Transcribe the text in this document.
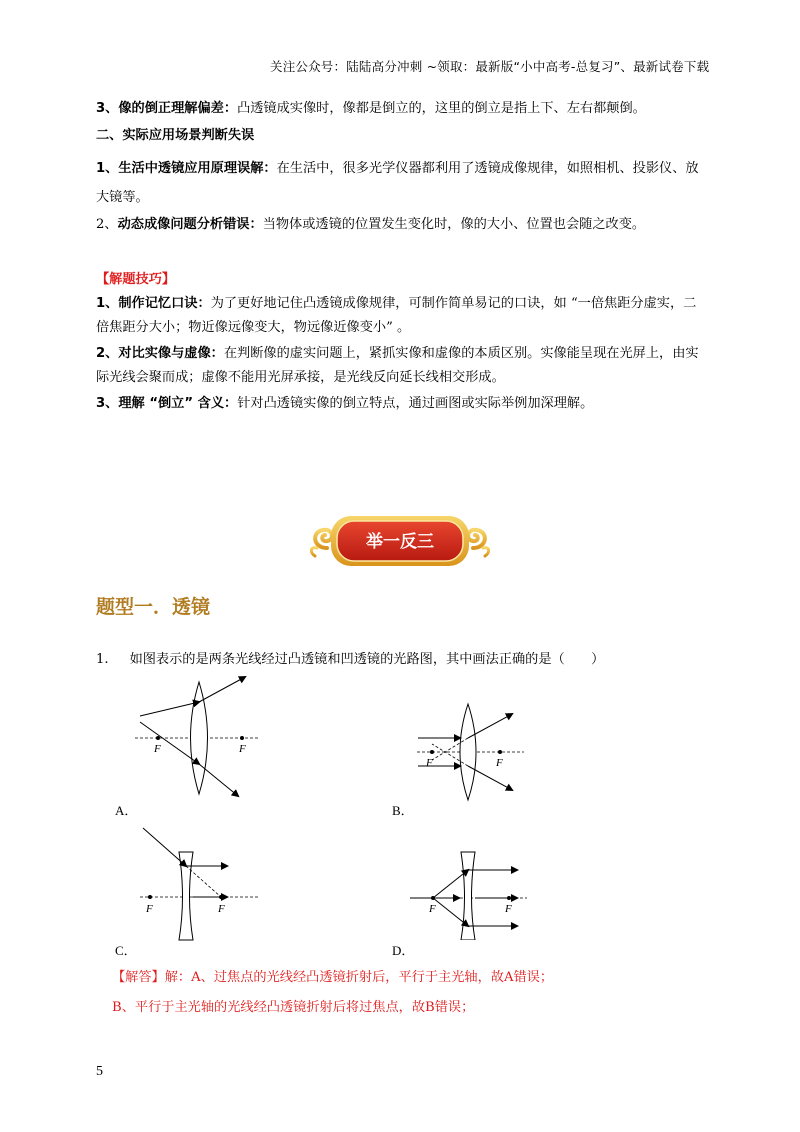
关注公众号：陆陆高分冲刺 ~领取：最新版“小中高考-总复习”、最新试卷下载
3、像的倒正理解偏差：凸透镜成实像时，像都是倒立的，这里的倒立是指上下、左右都颠倒。
二、实际应用场景判断失误
1、生活中透镜应用原理误解：在生活中，很多光学仪器都利用了透镜成像规律，如照相机、投影仪、放大镜等。
2、动态成像问题分析错误：当物体或透镜的位置发生变化时，像的大小、位置也会随之改变。
【解题技巧】
1、制作记忆口诀：为了更好地记住凸透镜成像规律，可制作简单易记的口诀，如 “一倍焦距分虚实，二倍焦距分大小；物近像远像变大，物远像近像变小” 。
2、对比实像与虚像：在判断像的虚实问题上，紧抓实像和虚像的本质区别。实像能呈现在光屏上，由实际光线会聚而成；虚像不能用光屏承接，是光线反向延长线相交形成。
3、理解 “倒立” 含义：针对凸透镜实像的倒立特点，通过画图或实际举例加深理解。
举一反三
题型一．透镜
1. 如图表示的是两条光线经过凸透镜和凹透镜的光路图，其中画法正确的是（　　）
F	F
A．
F	F
B．
F	F
C．
F	F
D．
【解答】解：A、过焦点的光线经凸透镜折射后，平行于主光轴，故A错误；
B、平行于主光轴的光线经凸透镜折射后将过焦点，故B错误；
5
